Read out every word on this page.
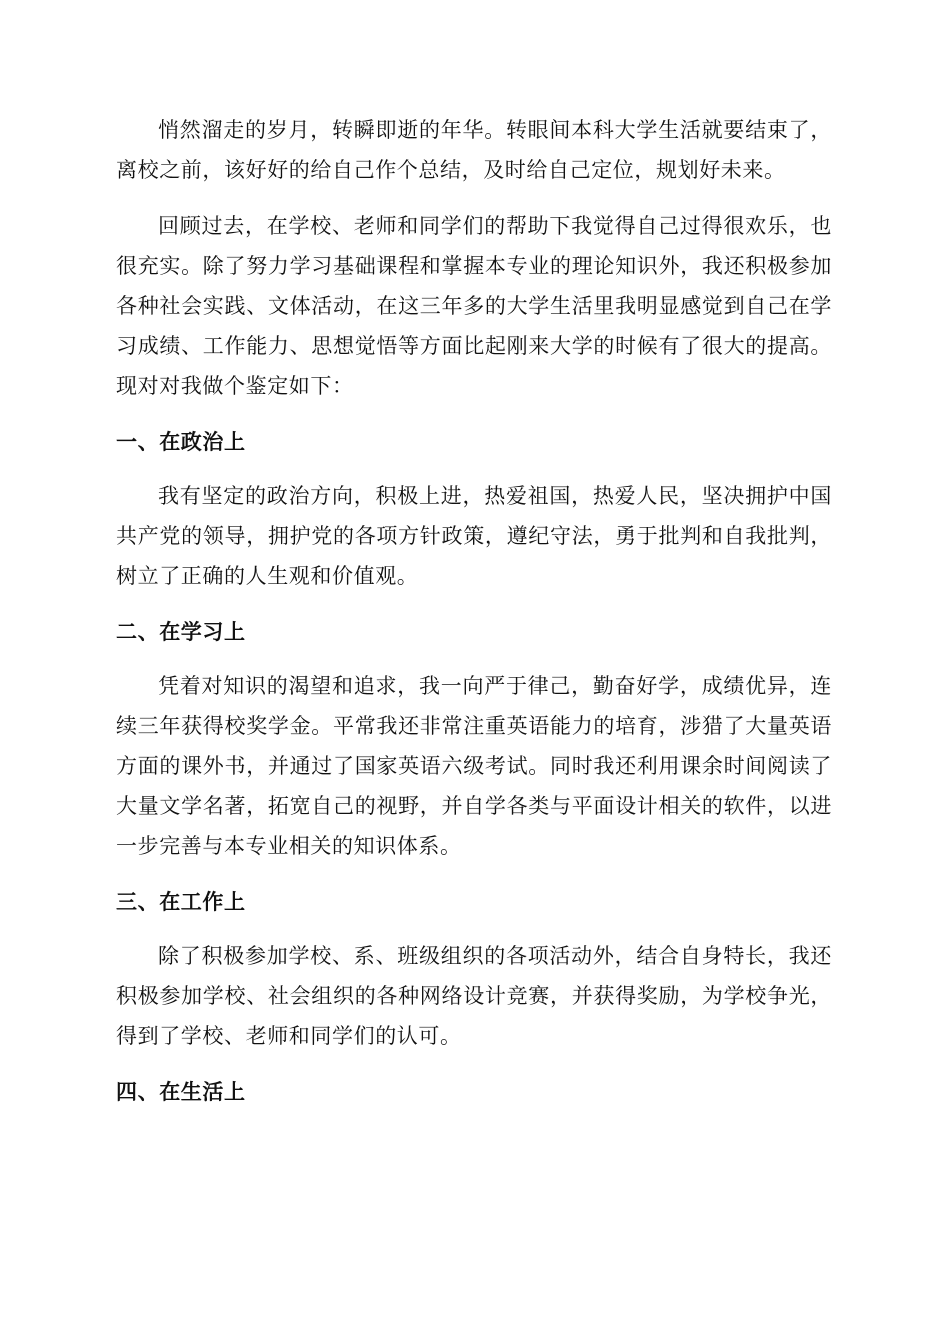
悄然溜走的岁月，转瞬即逝的年华。转眼间本科大学生活就要结束了，离校之前，该好好的给自己作个总结，及时给自己定位，规划好未来。

回顾过去，在学校、老师和同学们的帮助下我觉得自己过得很欢乐，也很充实。除了努力学习基础课程和掌握本专业的理论知识外，我还积极参加各种社会实践、文体活动，在这三年多的大学生活里我明显感觉到自己在学习成绩、工作能力、思想觉悟等方面比起刚来大学的时候有了很大的提高。现对对我做个鉴定如下：

一、在政治上

我有坚定的政治方向，积极上进，热爱祖国，热爱人民，坚决拥护中国共产党的领导，拥护党的各项方针政策，遵纪守法，勇于批判和自我批判，树立了正确的人生观和价值观。

二、在学习上

凭着对知识的渴望和追求，我一向严于律己，勤奋好学，成绩优异，连续三年获得校奖学金。平常我还非常注重英语能力的培育，涉猎了大量英语方面的课外书，并通过了国家英语六级考试。同时我还利用课余时间阅读了大量文学名著，拓宽自己的视野，并自学各类与平面设计相关的软件，以进一步完善与本专业相关的知识体系。

三、在工作上

除了积极参加学校、系、班级组织的各项活动外，结合自身特长，我还积极参加学校、社会组织的各种网络设计竞赛，并获得奖励，为学校争光，得到了学校、老师和同学们的认可。

四、在生活上
